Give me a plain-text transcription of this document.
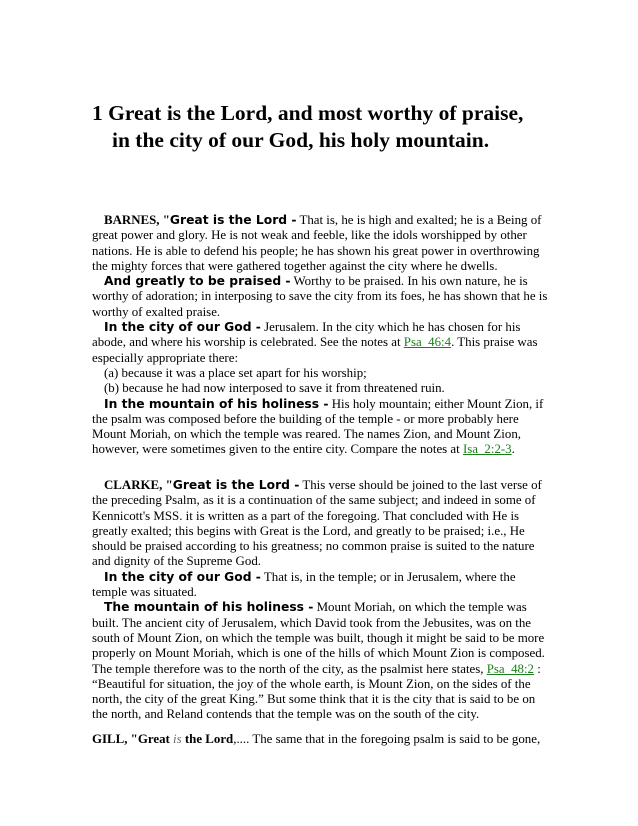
1 Great is the Lord, and most worthy of praise,
in the city of our God, his holy mountain.

BARNES, "Great is the Lord - That is, he is high and exalted; he is a Being of great power and glory. He is not weak and feeble, like the idols worshipped by other nations. He is able to defend his people; he has shown his great power in overthrowing the mighty forces that were gathered together against the city where he dwells.

And greatly to be praised - Worthy to be praised. In his own nature, he is worthy of adoration; in interposing to save the city from its foes, he has shown that he is worthy of exalted praise.

In the city of our God - Jerusalem. In the city which he has chosen for his abode, and where his worship is celebrated. See the notes at Psa_46:4. This praise was especially appropriate there:

(a) because it was a place set apart for his worship;

(b) because he had now interposed to save it from threatened ruin.

In the mountain of his holiness - His holy mountain; either Mount Zion, if the psalm was composed before the building of the temple - or more probably here Mount Moriah, on which the temple was reared. The names Zion, and Mount Zion, however, were sometimes given to the entire city. Compare the notes at Isa_2:2-3.

CLARKE, "Great is the Lord - This verse should be joined to the last verse of the preceding Psalm, as it is a continuation of the same subject; and indeed in some of Kennicott's MSS. it is written as a part of the foregoing. That concluded with He is greatly exalted; this begins with Great is the Lord, and greatly to be praised; i.e., He should be praised according to his greatness; no common praise is suited to the nature and dignity of the Supreme God.

In the city of our God - That is, in the temple; or in Jerusalem, where the temple was situated.

The mountain of his holiness - Mount Moriah, on which the temple was built. The ancient city of Jerusalem, which David took from the Jebusites, was on the south of Mount Zion, on which the temple was built, though it might be said to be more properly on Mount Moriah, which is one of the hills of which Mount Zion is composed. The temple therefore was to the north of the city, as the psalmist here states, Psa_48:2 : “Beautiful for situation, the joy of the whole earth, is Mount Zion, on the sides of the north, the city of the great King.” But some think that it is the city that is said to be on the north, and Reland contends that the temple was on the south of the city.

GILL, "Great is the Lord,.... The same that in the foregoing psalm is said to be gone,
